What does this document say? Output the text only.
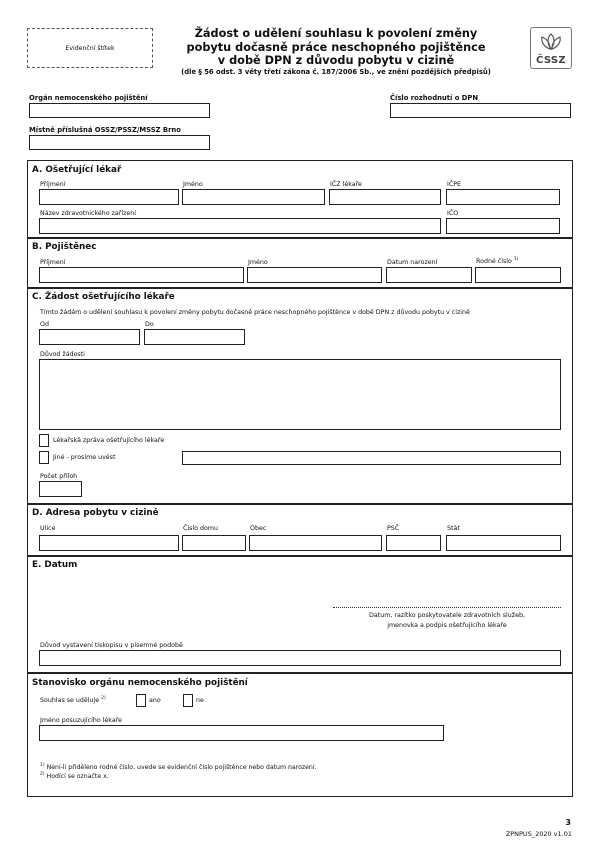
Evidenční štítek
Žádost o udělení souhlasu k povolení změny
pobytu dočasně práce neschopného pojištěnce
v době DPN z důvodu pobytu v cizině
(dle § 56 odst. 3 věty třetí zákona č. 187/2006 Sb., ve znění pozdějších předpisů)
ČSSZ
Orgán nemocenského pojištění	Číslo rozhodnutí o DPN
Místně příslušná OSSZ/PSSZ/MSSZ Brno
A. Ošetřující lékař
Příjmení	Jméno	IČZ lékaře	IČPE
Název zdravotnického zařízení	IČO
B. Pojištěnec
Příjmení	Jméno	Datum narození	Rodné číslo $^{1)}$
C. Žádost ošetřujícího lékaře
Tímto žádám o udělení souhlasu k povolení změny pobytu dočasně práce neschopného pojištěnce v době DPN z důvodu pobytu v cizině
Od	Do
Důvod žádosti
Lékařská zpráva ošetřujícího lékaře
Jiné - prosíme uvést
Počet příloh
D. Adresa pobytu v cizině
Ulice	Číslo domu	Obec	PSČ	Stát
E. Datum
Datum, razítko poskytovatele zdravotních služeb,
jmenovka a podpis ošetřujícího lékaře
Důvod vystavení tiskopisu v písemné podobě
Stanovisko orgánu nemocenského pojištění
Souhlas se uděluje $^{2)}$	ano	ne
Jméno posuzujícího lékaře
$^{1)}$ Není-li přiděleno rodné číslo, uvede se evidenční číslo pojištěnce nebo datum narození.
$^{2)}$ Hodící se označte x.
3
ZPNPUS_2020 v1.01
